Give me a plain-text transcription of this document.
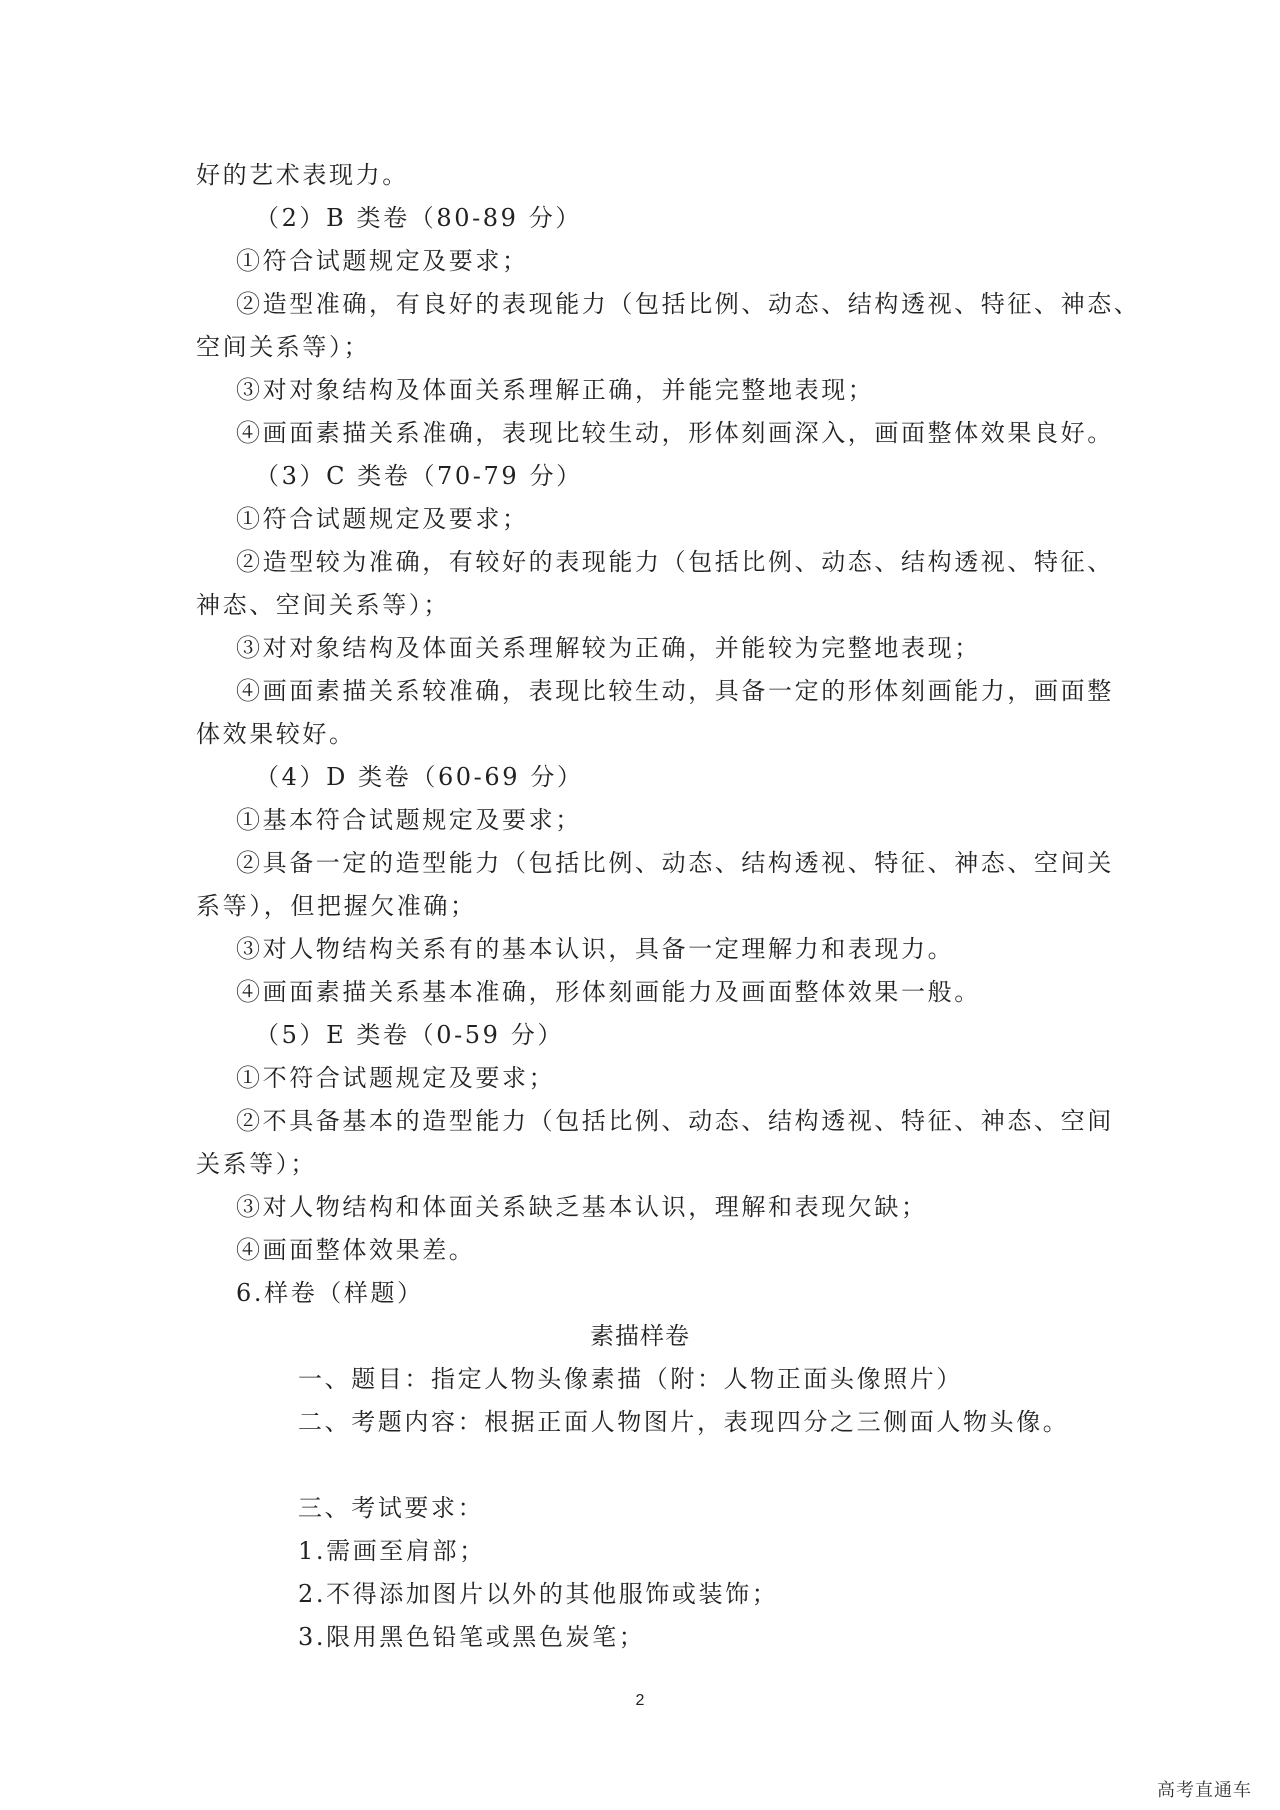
好的艺术表现力。
（2）B 类卷（80-89 分）
①符合试题规定及要求；
②造型准确，有良好的表现能力（包括比例、动态、结构透视、特征、神态、
空间关系等）；
③对对象结构及体面关系理解正确，并能完整地表现；
④画面素描关系准确，表现比较生动，形体刻画深入，画面整体效果良好。
（3）C 类卷（70-79 分）
①符合试题规定及要求；
②造型较为准确，有较好的表现能力（包括比例、动态、结构透视、特征、
神态、空间关系等）；
③对对象结构及体面关系理解较为正确，并能较为完整地表现；
④画面素描关系较准确，表现比较生动，具备一定的形体刻画能力，画面整
体效果较好。
（4）D 类卷（60-69 分）
①基本符合试题规定及要求；
②具备一定的造型能力（包括比例、动态、结构透视、特征、神态、空间关
系等），但把握欠准确；
③对人物结构关系有的基本认识，具备一定理解力和表现力。
④画面素描关系基本准确，形体刻画能力及画面整体效果一般。
（5）E 类卷（0-59 分）
①不符合试题规定及要求；
②不具备基本的造型能力（包括比例、动态、结构透视、特征、神态、空间
关系等）；
③对人物结构和体面关系缺乏基本认识，理解和表现欠缺；
④画面整体效果差。
6.样卷（样题）
素描样卷
一、题目：指定人物头像素描（附：人物正面头像照片）
二、考题内容：根据正面人物图片，表现四分之三侧面人物头像。
三、考试要求：
1.需画至肩部；
2.不得添加图片以外的其他服饰或装饰；
3.限用黑色铅笔或黑色炭笔；
2
高考直通车
